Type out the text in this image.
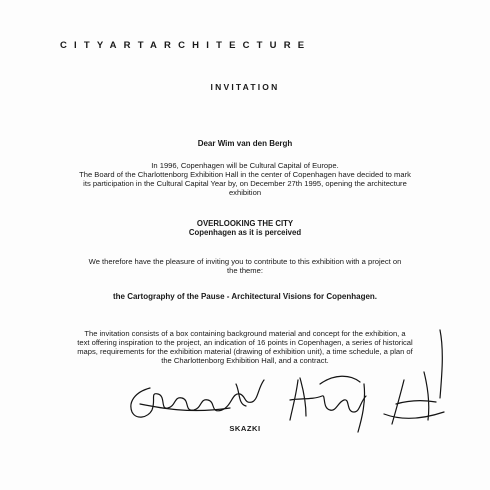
CITYARTARCHITECTURE
INVITATION
Dear Wim van den Bergh
In 1996, Copenhagen will be Cultural Capital of Europe.
The Board of the Charlottenborg Exhibition Hall in the center of Copenhagen have decided to mark
its participation in the Cultural Capital Year by, on December 27th 1995, opening the architecture
exhibition
OVERLOOKING THE CITY
Copenhagen as it is perceived
We therefore have the pleasure of inviting you to contribute to this exhibition with a project on
the theme:
the Cartography of the Pause - Architectural Visions for Copenhagen.
The invitation consists of a box containing background material and concept for the exhibition, a
text offering inspiration to the project, an indication of 16 points in Copenhagen, a series of historical
maps, requirements for the exhibition material (drawing of exhibition unit), a time schedule, a plan of
the Charlottenborg Exhibition Hall, and a contract.
SKAZKI
